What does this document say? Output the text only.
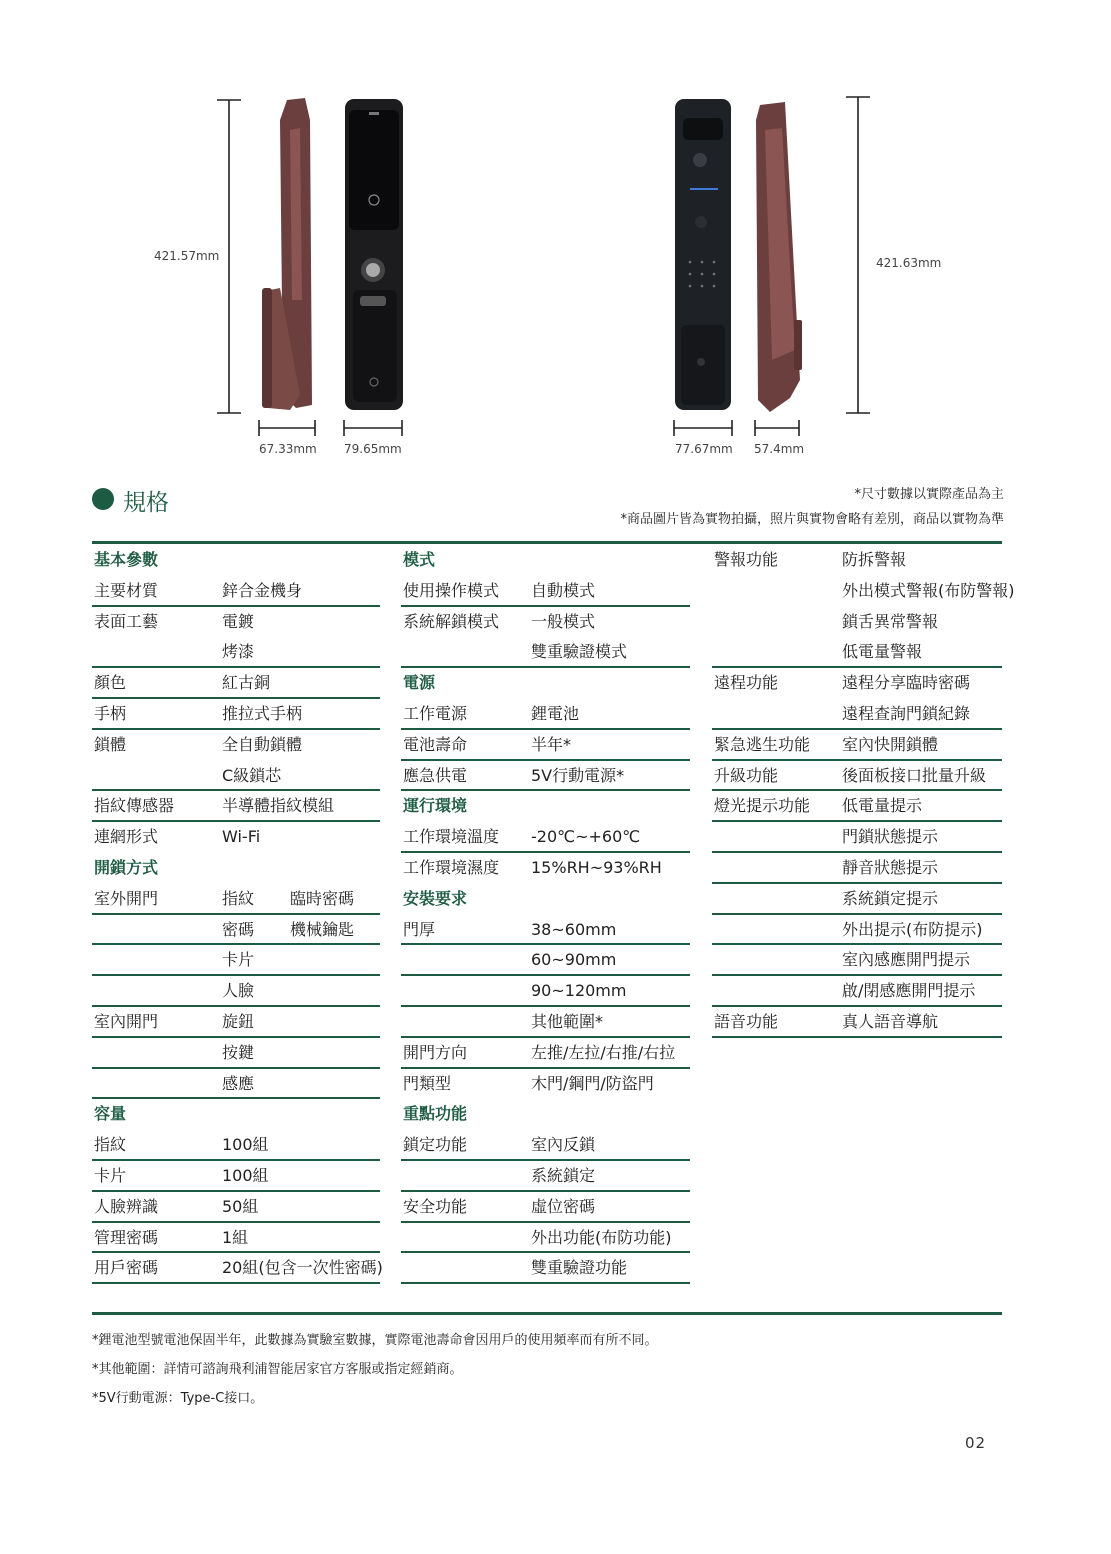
421.57mm	421.63mm
67.33mm 79.65mm	77.67mm 57.4mm
規格	*尺寸數據以實際產品為主
*商品圖片皆為實物拍攝，照片與實物會略有差別，商品以實物為準
基本參數
主要材質	鋅合金機身
表面工藝	電鍍
烤漆
顏色	紅古銅
手柄	推拉式手柄
鎖體	全自動鎖體
C級鎖芯
指紋傳感器	半導體指紋模組
連網形式	Wi-Fi
開鎖方式
室外開門	指紋 臨時密碼
密碼 機械鑰匙
卡片
人臉
室內開門	旋鈕
按鍵
感應
容量
指紋	100組
卡片	100組
人臉辨識	50組
管理密碼	1組
用戶密碼	20組(包含一次性密碼)
模式
使用操作模式 自動模式
系統解鎖模式 一般模式
雙重驗證模式
電源
工作電源	鋰電池
電池壽命	半年*
應急供電	5V行動電源*
運行環境
工作環境溫度 -20℃~+60℃
工作環境濕度 15%RH~93%RH
安裝要求
門厚	38~60mm
60~90mm
90~120mm
其他範圍*
開門方向	左推/左拉/右推/右拉
門類型	木門/鋼門/防盜門
重點功能
鎖定功能	室內反鎖
系統鎖定
安全功能	虛位密碼
外出功能(布防功能)
雙重驗證功能
警報功能	防拆警報
外出模式警報(布防警報)
鎖舌異常警報
低電量警報
遠程功能	遠程分享臨時密碼
遠程查詢門鎖紀錄
緊急逃生功能 室內快開鎖體
升級功能	後面板接口批量升級
燈光提示功能 低電量提示
門鎖狀態提示
靜音狀態提示
系統鎖定提示
外出提示(布防提示)
室內感應開門提示
啟/閉感應開門提示
語音功能	真人語音導航
*鋰電池型號電池保固半年，此數據為實驗室數據，實際電池壽命會因用戶的使用頻率而有所不同。
*其他範圍：詳情可諮詢飛利浦智能居家官方客服或指定經銷商。
*5V行動電源：Type-C接口。
02
